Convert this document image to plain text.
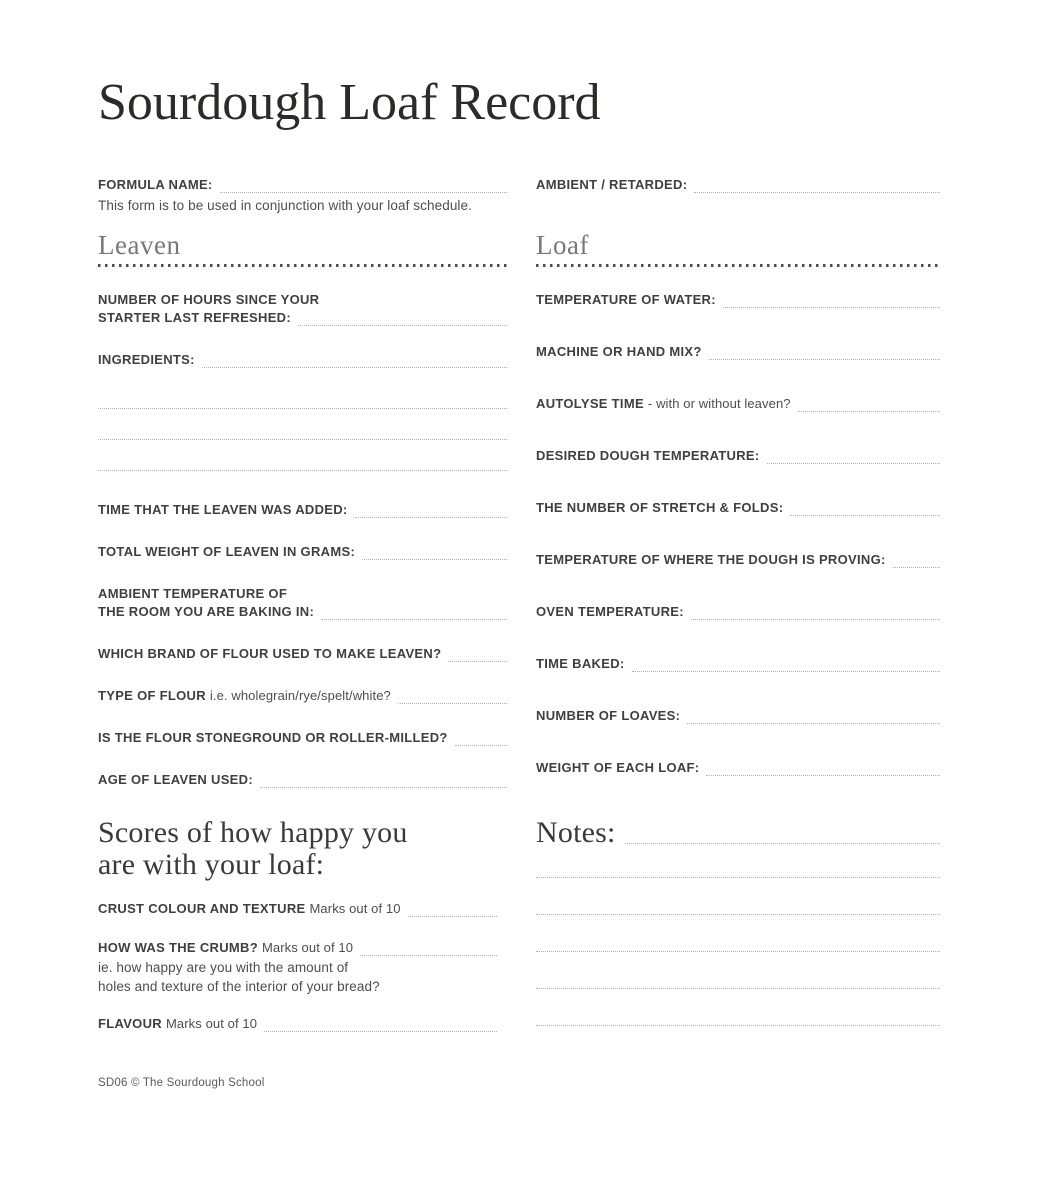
Sourdough Loaf Record
FORMULA NAME:	AMBIENT / RETARDED:
This form is to be used in conjunction with your loaf schedule.
Leaven
NUMBER OF HOURS SINCE YOUR
STARTER LAST REFRESHED:
INGREDIENTS:
TIME THAT THE LEAVEN WAS ADDED:
TOTAL WEIGHT OF LEAVEN IN GRAMS:
AMBIENT TEMPERATURE OF
THE ROOM YOU ARE BAKING IN:
WHICH BRAND OF FLOUR USED TO MAKE LEAVEN?
TYPE OF FLOUR i.e. wholegrain/rye/spelt/white?
IS THE FLOUR STONEGROUND OR ROLLER-MILLED?
AGE OF LEAVEN USED:
Loaf
TEMPERATURE OF WATER:
MACHINE OR HAND MIX?
AUTOLYSE TIME - with or without leaven?
DESIRED DOUGH TEMPERATURE:
THE NUMBER OF STRETCH & FOLDS:
TEMPERATURE OF WHERE THE DOUGH IS PROVING:
OVEN TEMPERATURE:
TIME BAKED:
NUMBER OF LOAVES:
WEIGHT OF EACH LOAF:
Scores of how happy you
are with your loaf:
CRUST COLOUR AND TEXTURE Marks out of 10
HOW WAS THE CRUMB? Marks out of 10
ie. how happy are you with the amount of
holes and texture of the interior of your bread?
FLAVOUR Marks out of 10
Notes:
SD06 © The Sourdough School
